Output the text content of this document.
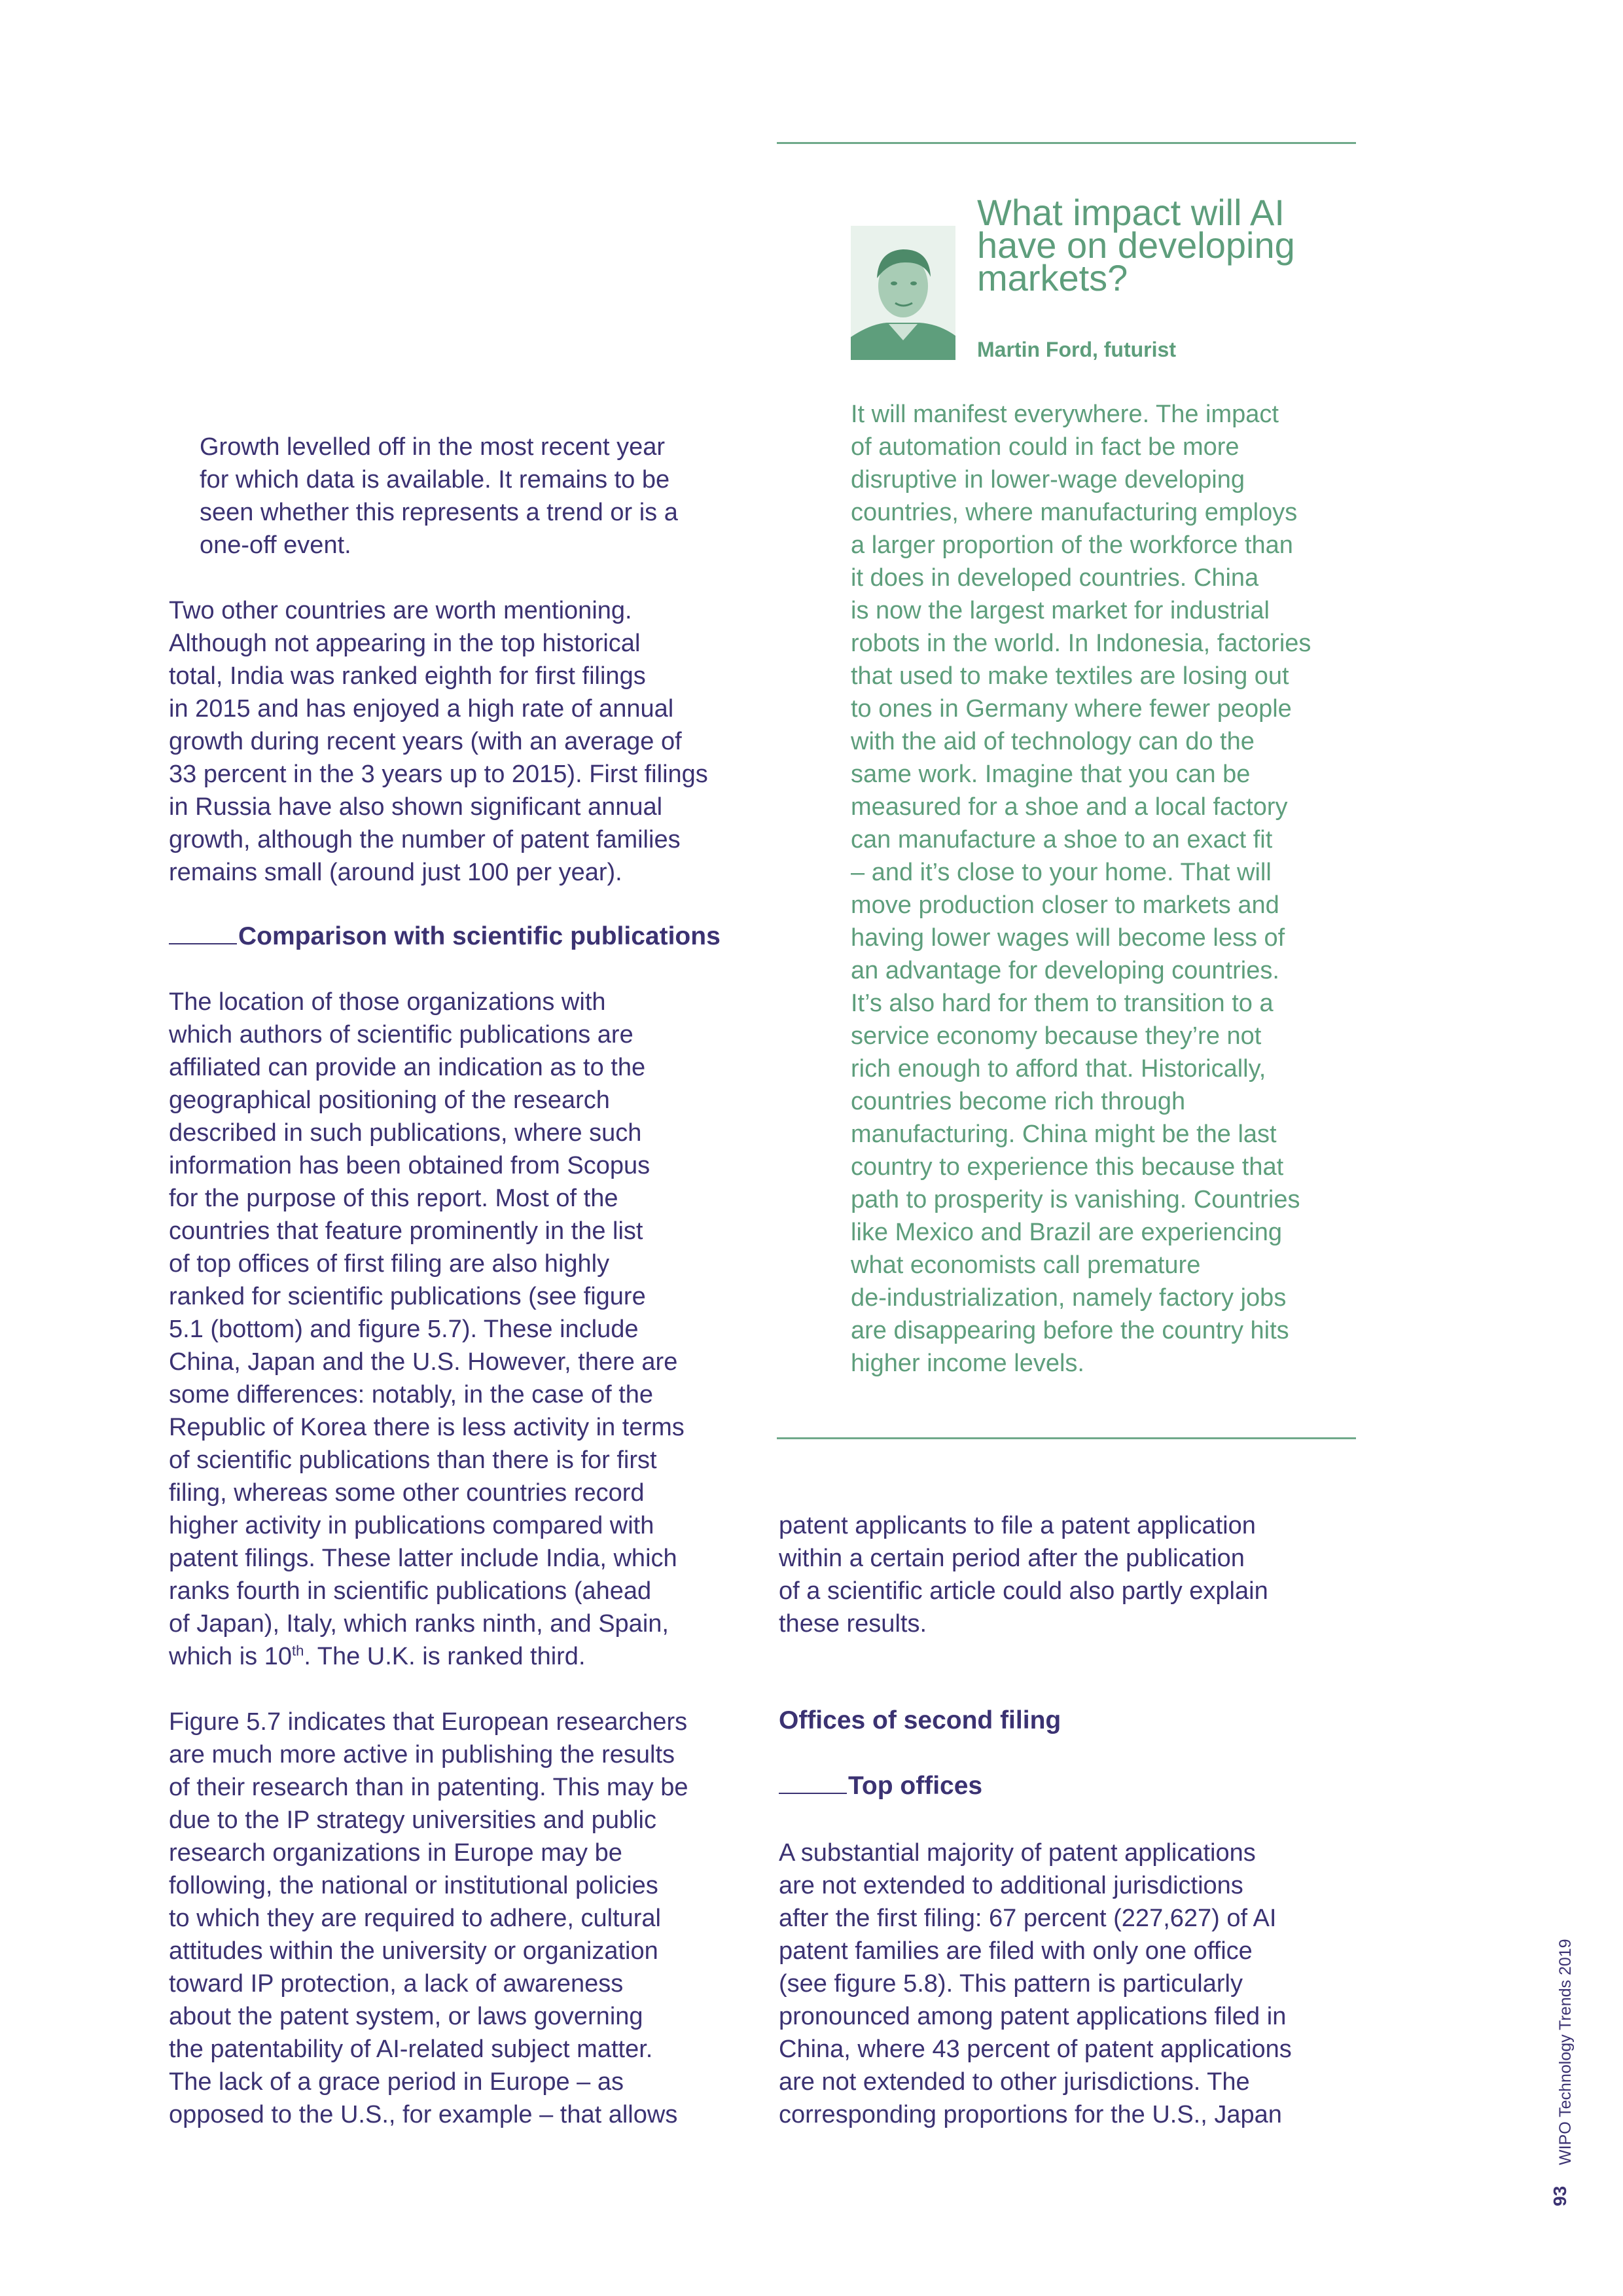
Growth levelled off in the most recent year
for which data is available. It remains to be
seen whether this represents a trend or is a
one-off event.

Two other countries are worth mentioning.
Although not appearing in the top historical
total, India was ranked eighth for first filings
in 2015 and has enjoyed a high rate of annual
growth during recent years (with an average of
33 percent in the 3 years up to 2015). First filings
in Russia have also shown significant annual
growth, although the number of patent families
remains small (around just 100 per year).

Comparison with scientific publications

The location of those organizations with
which authors of scientific publications are
affiliated can provide an indication as to the
geographical positioning of the research
described in such publications, where such
information has been obtained from Scopus
for the purpose of this report. Most of the
countries that feature prominently in the list
of top offices of first filing are also highly
ranked for scientific publications (see figure
5.1 (bottom) and figure 5.7). These include
China, Japan and the U.S. However, there are
some differences: notably, in the case of the
Republic of Korea there is less activity in terms
of scientific publications than there is for first
filing, whereas some other countries record
higher activity in publications compared with
patent filings. These latter include India, which
ranks fourth in scientific publications (ahead
of Japan), Italy, which ranks ninth, and Spain,

which is 10th. The U.K. is ranked third.

Figure 5.7 indicates that European researchers
are much more active in publishing the results
of their research than in patenting. This may be
due to the IP strategy universities and public
research organizations in Europe may be
following, the national or institutional policies
to which they are required to adhere, cultural
attitudes within the university or organization
toward IP protection, a lack of awareness
about the patent system, or laws governing
the patentability of AI-related subject matter.
The lack of a grace period in Europe – as
opposed to the U.S., for example – that allows

What impact will AI
have on developing
markets?

Martin Ford, futurist

It will manifest everywhere. The impact
of automation could in fact be more
disruptive in lower-wage developing
countries, where manufacturing employs
a larger proportion of the workforce than
it does in developed countries. China
is now the largest market for industrial
robots in the world. In Indonesia, factories
that used to make textiles are losing out
to ones in Germany where fewer people
with the aid of technology can do the
same work. Imagine that you can be
measured for a shoe and a local factory
can manufacture a shoe to an exact fit
– and it’s close to your home. That will
move production closer to markets and
having lower wages will become less of
an advantage for developing countries.
It’s also hard for them to transition to a
service economy because they’re not
rich enough to afford that. Historically,
countries become rich through
manufacturing. China might be the last
country to experience this because that
path to prosperity is vanishing. Countries
like Mexico and Brazil are experiencing
what economists call premature
de-industrialization, namely factory jobs
are disappearing before the country hits
higher income levels.

patent applicants to file a patent application
within a certain period after the publication
of a scientific article could also partly explain
these results.

Offices of second filing
Top offices

A substantial majority of patent applications
are not extended to additional jurisdictions
after the first filing: 67 percent (227,627) of AI
patent families are filed with only one office
(see figure 5.8). This pattern is particularly
pronounced among patent applications filed in
China, where 43 percent of patent applications
are not extended to other jurisdictions. The
corresponding proportions for the U.S., Japan	WIPO Technology Trends 2019
93
